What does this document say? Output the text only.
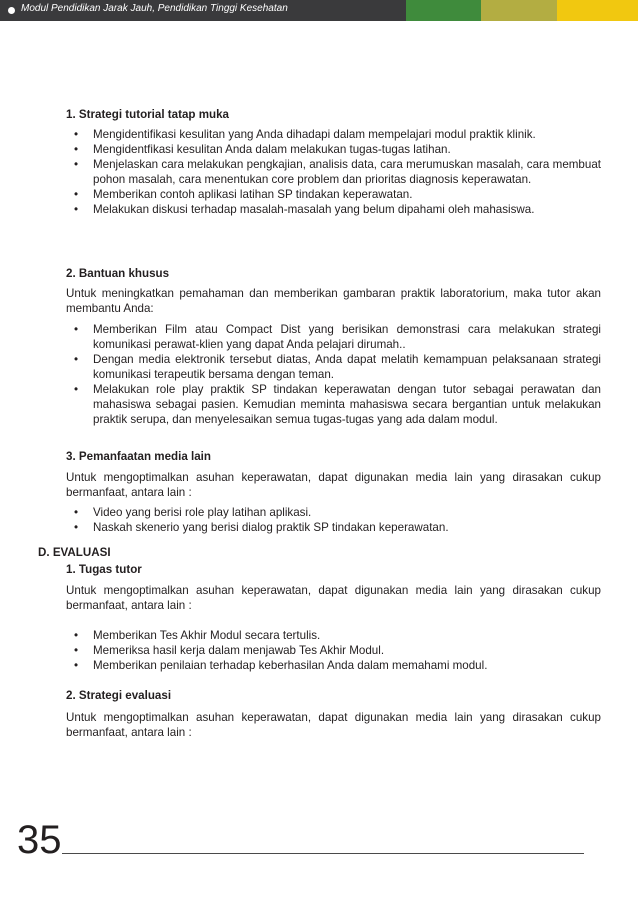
Modul Pendidikan Jarak Jauh, Pendidikan Tinggi Kesehatan
1. Strategi tutorial tatap muka
• Mengidentifikasi kesulitan yang Anda dihadapi dalam mempelajari modul praktik klinik.
• Mengidentfikasi kesulitan Anda dalam melakukan tugas-tugas latihan.
• Menjelaskan cara melakukan pengkajian, analisis data, cara merumuskan masalah, cara membuat pohon masalah, cara menentukan core problem dan prioritas diagnosis keperawatan.
• Memberikan contoh aplikasi latihan SP tindakan keperawatan.
• Melakukan diskusi terhadap masalah-masalah yang belum dipahami oleh mahasiswa.
2. Bantuan khusus
Untuk meningkatkan pemahaman dan memberikan gambaran praktik laboratorium, maka tutor akan membantu Anda:
• Memberikan Film atau Compact Dist yang berisikan demonstrasi cara melakukan strategi komunikasi perawat-klien yang dapat Anda pelajari dirumah..
• Dengan media elektronik tersebut diatas, Anda dapat melatih kemampuan pelaksanaan strategi komunikasi terapeutik bersama dengan teman.
• Melakukan role play praktik SP tindakan keperawatan dengan tutor sebagai perawatan dan mahasiswa sebagai pasien. Kemudian meminta mahasiswa secara bergantian untuk melakukan praktik serupa, dan menyelesaikan semua tugas-tugas yang ada dalam modul.
3. Pemanfaatan media lain
Untuk mengoptimalkan asuhan keperawatan, dapat digunakan media lain yang dirasakan cukup bermanfaat, antara lain :
• Video yang berisi role play latihan aplikasi.
• Naskah skenerio yang berisi dialog praktik SP tindakan keperawatan.
D. EVALUASI
1. Tugas tutor
Untuk mengoptimalkan asuhan keperawatan, dapat digunakan media lain yang dirasakan cukup bermanfaat, antara lain :
• Memberikan Tes Akhir Modul secara tertulis.
• Memeriksa hasil kerja dalam menjawab Tes Akhir Modul.
• Memberikan penilaian terhadap keberhasilan Anda dalam memahami modul.
2. Strategi evaluasi
Untuk mengoptimalkan asuhan keperawatan, dapat digunakan media lain yang dirasakan cukup bermanfaat, antara lain :
35
